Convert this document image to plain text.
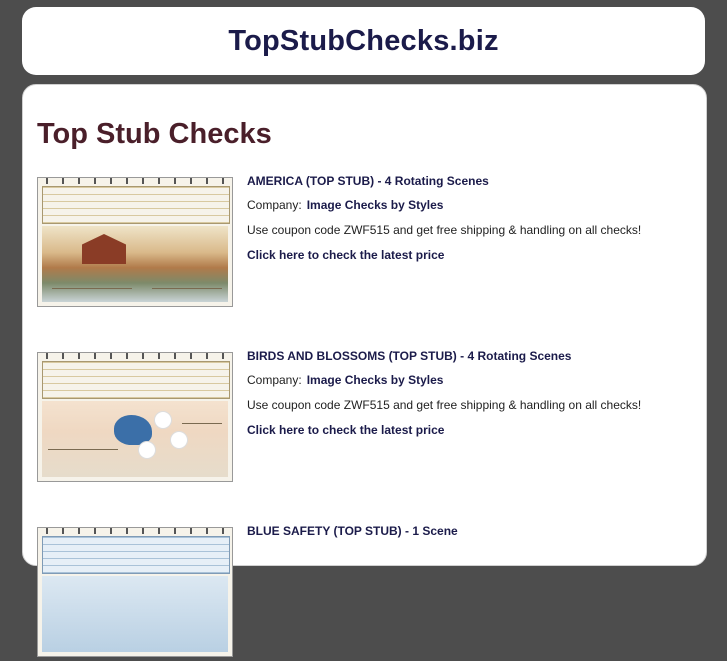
TopStubChecks.biz
Top Stub Checks
AMERICA (TOP STUB) - 4 Rotating Scenes
Company: Image Checks by Styles
Use coupon code ZWF515 and get free shipping & handling on all checks!
Click here to check the latest price
BIRDS AND BLOSSOMS (TOP STUB) - 4 Rotating Scenes
Company: Image Checks by Styles
Use coupon code ZWF515 and get free shipping & handling on all checks!
Click here to check the latest price
BLUE SAFETY (TOP STUB) - 1 Scene
